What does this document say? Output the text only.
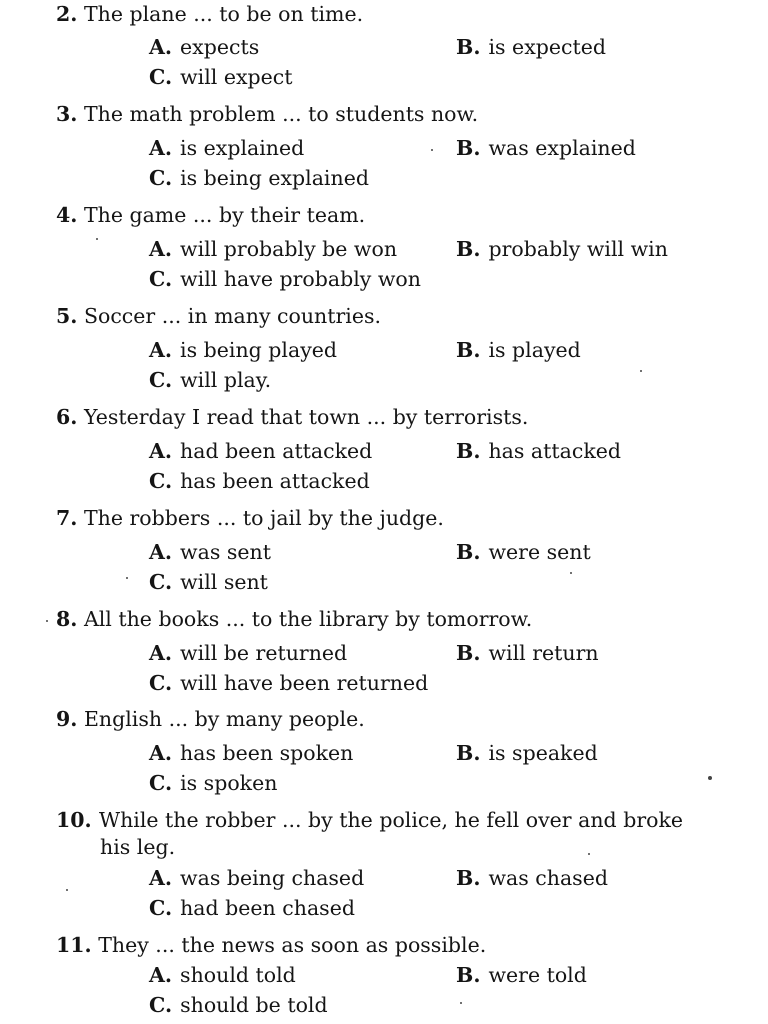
2. The plane ... to be on time.
A. expects	B. is expected
C. will expect
3. The math problem ... to students now.
A. is explained	B. was explained
C. is being explained
4. The game ... by their team.
A. will probably be won	B. probably will win
C. will have probably won
5. Soccer ... in many countries.
A. is being played	B. is played
C. will play.
6. Yesterday I read that town ... by terrorists.
A. had been attacked	B. has attacked
C. has been attacked
7. The robbers ... to jail by the judge.
A. was sent	B. were sent
C. will sent
8. All the books ... to the library by tomorrow.
A. will be returned	B. will return
C. will have been returned
9. English ... by many people.
A. has been spoken	B. is speaked
C. is spoken
10. While the robber ... by the police, he fell over and broke his leg.
A. was being chased	B. was chased
C. had been chased
11. They ... the news as soon as possible.
A. should told	B. were told
C. should be told
